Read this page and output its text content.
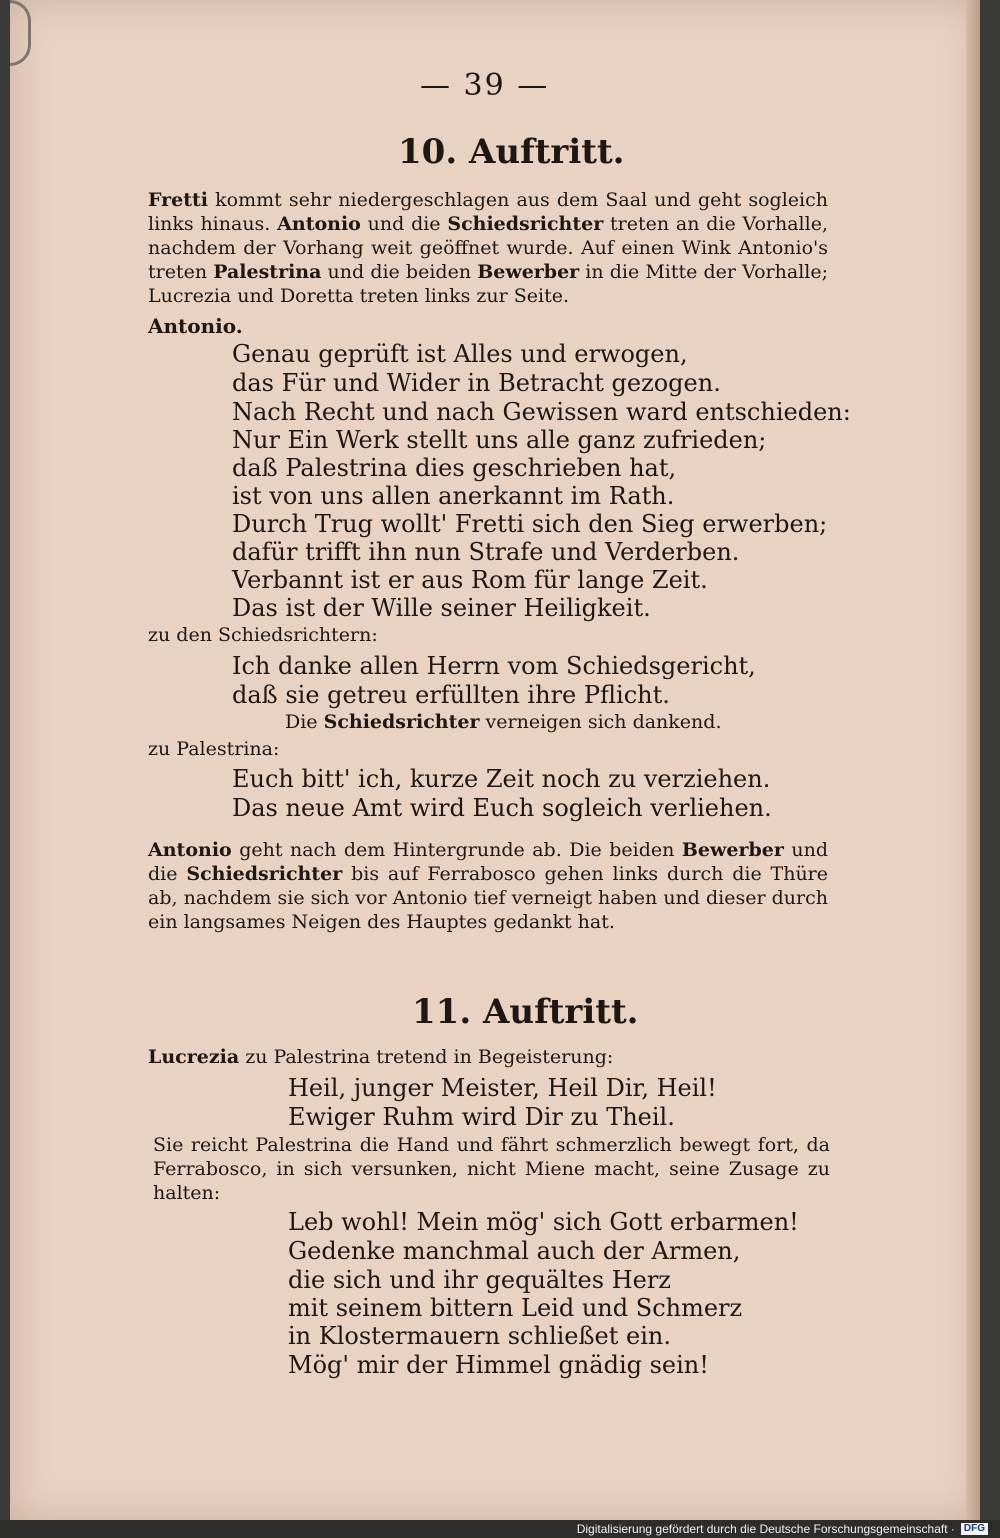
— 39 —
10. Auftritt.
Fretti kommt sehr niedergeschlagen aus dem Saal und geht sogleich links hinaus. Antonio und die Schiedsrichter treten an die Vorhalle, nachdem der Vorhang weit geöffnet wurde. Auf einen Wink Antonio's treten Palestrina und die beiden Bewerber in die Mitte der Vorhalle; Lucrezia und Doretta treten links zur Seite.
Antonio.
Genau geprüft ist Alles und erwogen,
das Für und Wider in Betracht gezogen.
Nach Recht und nach Gewissen ward entschieden:
Nur Ein Werk stellt uns alle ganz zufrieden;
daß Palestrina dies geschrieben hat,
ist von uns allen anerkannt im Rath.
Durch Trug wollt' Fretti sich den Sieg erwerben;
dafür trifft ihn nun Strafe und Verderben.
Verbannt ist er aus Rom für lange Zeit.
Das ist der Wille seiner Heiligkeit.
zu den Schiedsrichtern:
Ich danke allen Herrn vom Schiedsgericht,
daß sie getreu erfüllten ihre Pflicht.
Die Schiedsrichter verneigen sich dankend.
zu Palestrina:
Euch bitt' ich, kurze Zeit noch zu verziehen.
Das neue Amt wird Euch sogleich verliehen.
Antonio geht nach dem Hintergrunde ab. Die beiden Bewerber und die Schiedsrichter bis auf Ferrabosco gehen links durch die Thüre ab, nachdem sie sich vor Antonio tief verneigt haben und dieser durch ein langsames Neigen des Hauptes gedankt hat.
11. Auftritt.
Lucrezia zu Palestrina tretend in Begeisterung:
Heil, junger Meister, Heil Dir, Heil!
Ewiger Ruhm wird Dir zu Theil.
Sie reicht Palestrina die Hand und fährt schmerzlich bewegt fort, da Ferrabosco, in sich versunken, nicht Miene macht, seine Zusage zu halten:
Leb wohl! Mein mög' sich Gott erbarmen!
Gedenke manchmal auch der Armen,
die sich und ihr gequältes Herz
mit seinem bittern Leid und Schmerz
in Klostermauern schließet ein.
Mög' mir der Himmel gnädig sein!
Digitalisierung gefördert durch die Deutsche Forschungsgemeinschaft · DFG
